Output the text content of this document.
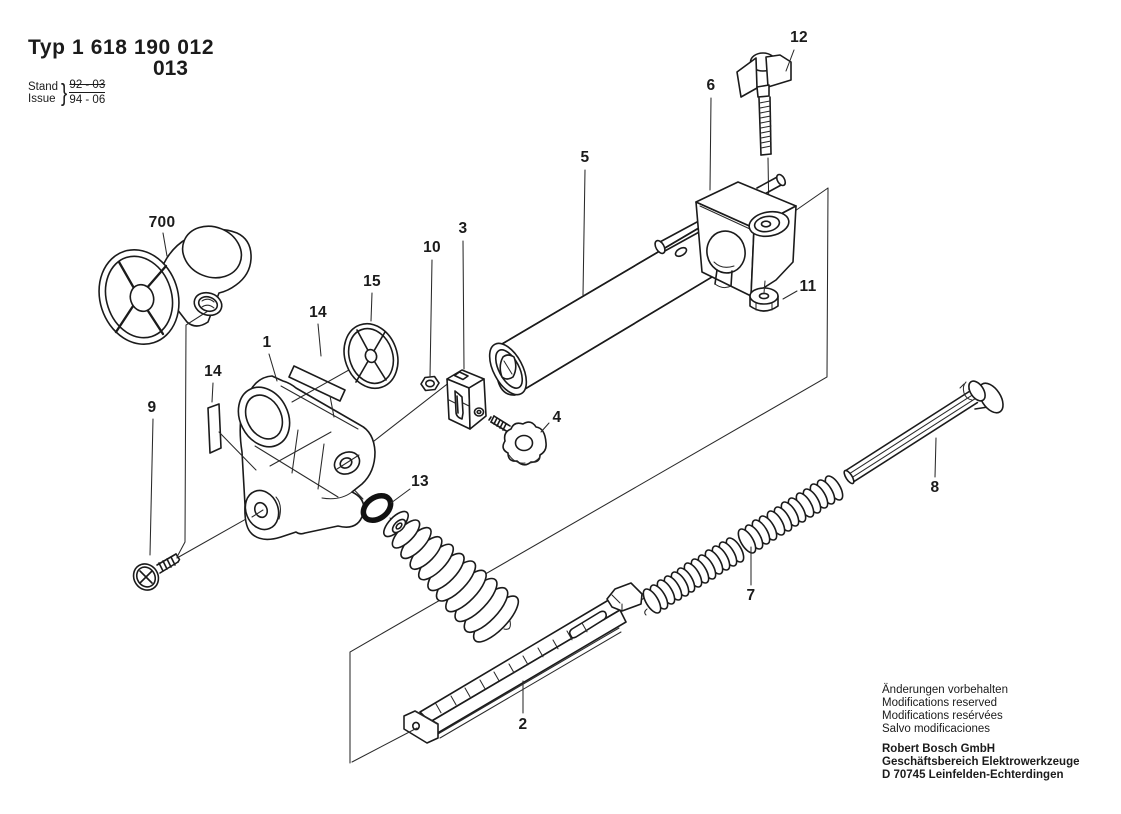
Typ 1 618 190 012
013
Stand
Issue } 92 - 03
94 - 06
700
9
14
1
14
15
10
3
13
4
2
5
6
12
11
7
8
Änderungen vorbehalten
Modifications reserved
Modifications resérvées
Salvo modificaciones
Robert Bosch GmbH
Geschäftsbereich Elektrowerkzeuge
D 70745 Leinfelden-Echterdingen
